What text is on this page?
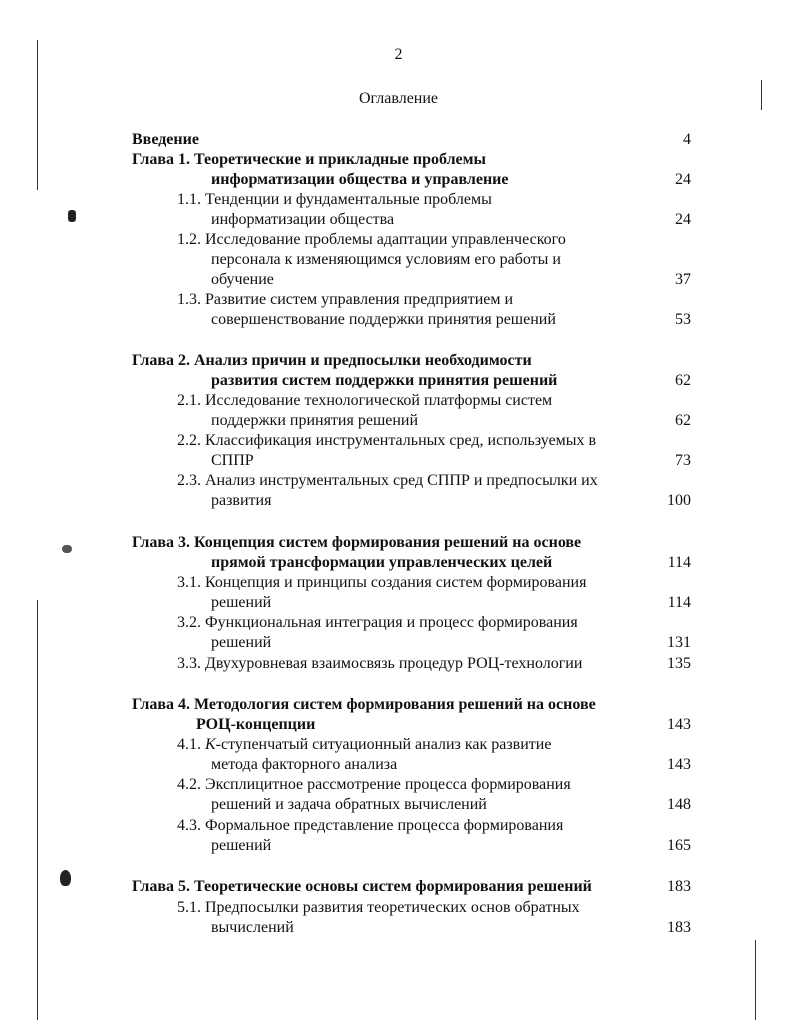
2
Оглавление
Введение	4
Глава 1. Теоретические и прикладные проблемы
информатизации общества и управление	24
1.1. Тенденции и фундаментальные проблемы
информатизации общества	24
1.2. Исследование проблемы адаптации управленческого
персонала к изменяющимся условиям его работы и
обучение	37
1.3. Развитие систем управления предприятием и
совершенствование поддержки принятия решений	53
Глава 2. Анализ причин и предпосылки необходимости
развития систем поддержки принятия решений	62
2.1. Исследование технологической платформы систем
поддержки принятия решений	62
2.2. Классификация инструментальных сред, используемых в
СППР	73
2.3. Анализ инструментальных сред СППР и предпосылки их
развития	100
Глава 3. Концепция систем формирования решений на основе
прямой трансформации управленческих целей	114
3.1. Концепция и принципы создания систем формирования
решений	114
3.2. Функциональная интеграция и процесс формирования
решений	131
3.3. Двухуровневая взаимосвязь процедур РОЦ-технологии	135
Глава 4. Методология систем формирования решений на основе
РОЦ-концепции	143
4.1. K-ступенчатый ситуационный анализ как развитие
метода факторного анализа	143
4.2. Эксплицитное рассмотрение процесса формирования
решений и задача обратных вычислений	148
4.3. Формальное представление процесса формирования
решений	165
Глава 5. Теоретические основы систем формирования решений	183
5.1. Предпосылки развития теоретических основ обратных
вычислений	183
